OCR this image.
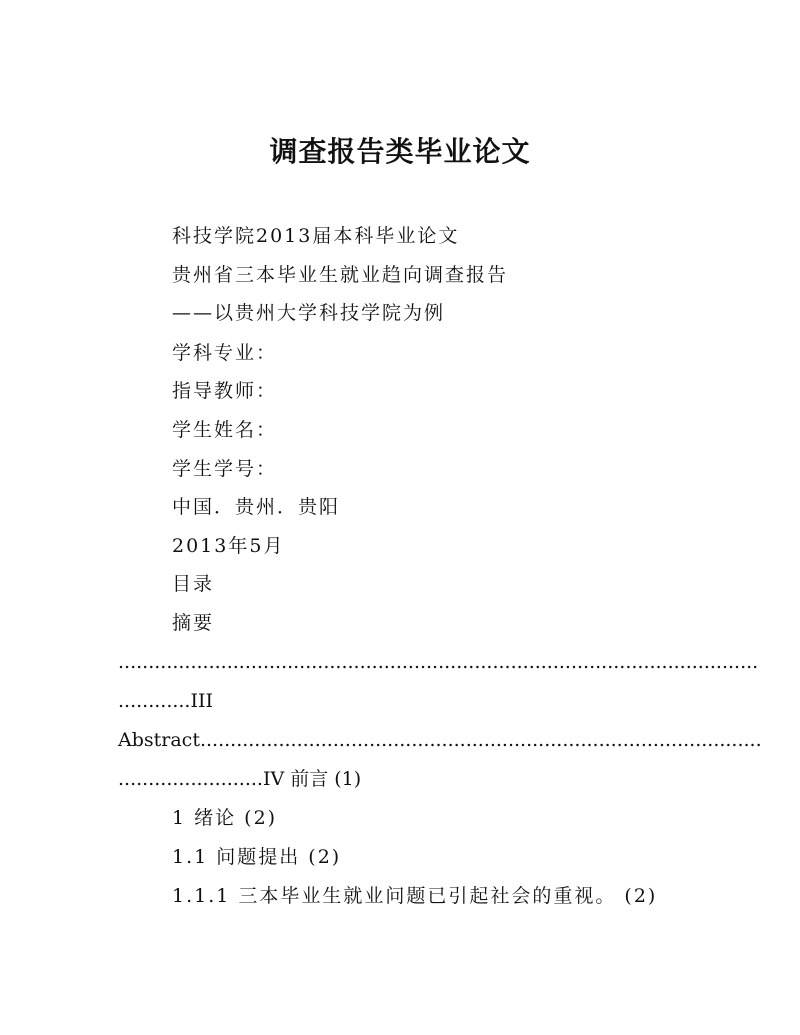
调查报告类毕业论文
科技学院2013届本科毕业论文
贵州省三本毕业生就业趋向调查报告
——以贵州大学科技学院为例
学科专业：
指导教师：
学生姓名：
学生学号：
中国．贵州．贵阳
2013年5月
目录
摘要
..........................................................................................................
............III
Abstract.............................................................................................
........................IV 前言 (1)
1 绪论 (2)
1.1 问题提出 (2)
1.1.1 三本毕业生就业问题已引起社会的重视。 (2)
